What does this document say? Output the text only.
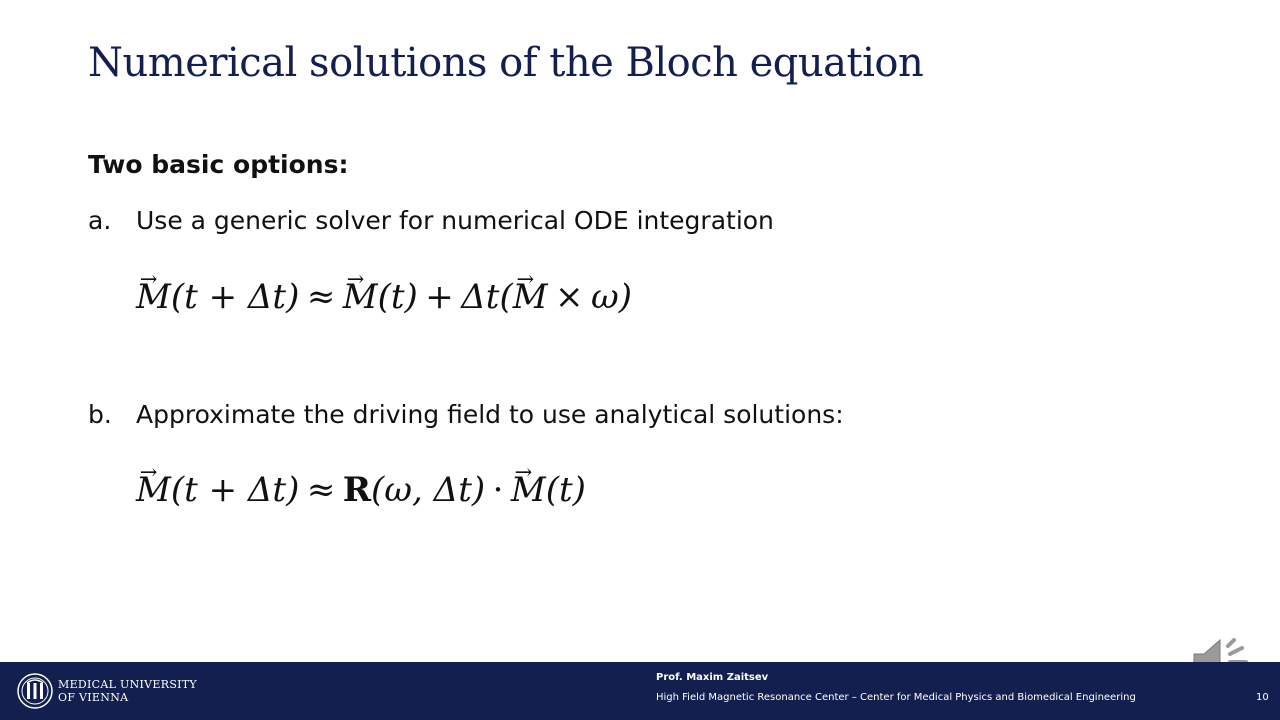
Numerical solutions of the Bloch equation
Two basic options:
a. Use a generic solver for numerical ODE integration
→ M(t + Δt) ≈ → M(t) + Δt(→ M × ω)
b. Approximate the driving field to use analytical solutions:
→ M(t + Δt) ≈ R(ω, Δt) · → M(t)
MEDICAL UNIVERSITY
OF VIENNA
Prof. Maxim Zaitsev
High Field Magnetic Resonance Center – Center for Medical Physics and Biomedical Engineering	10
